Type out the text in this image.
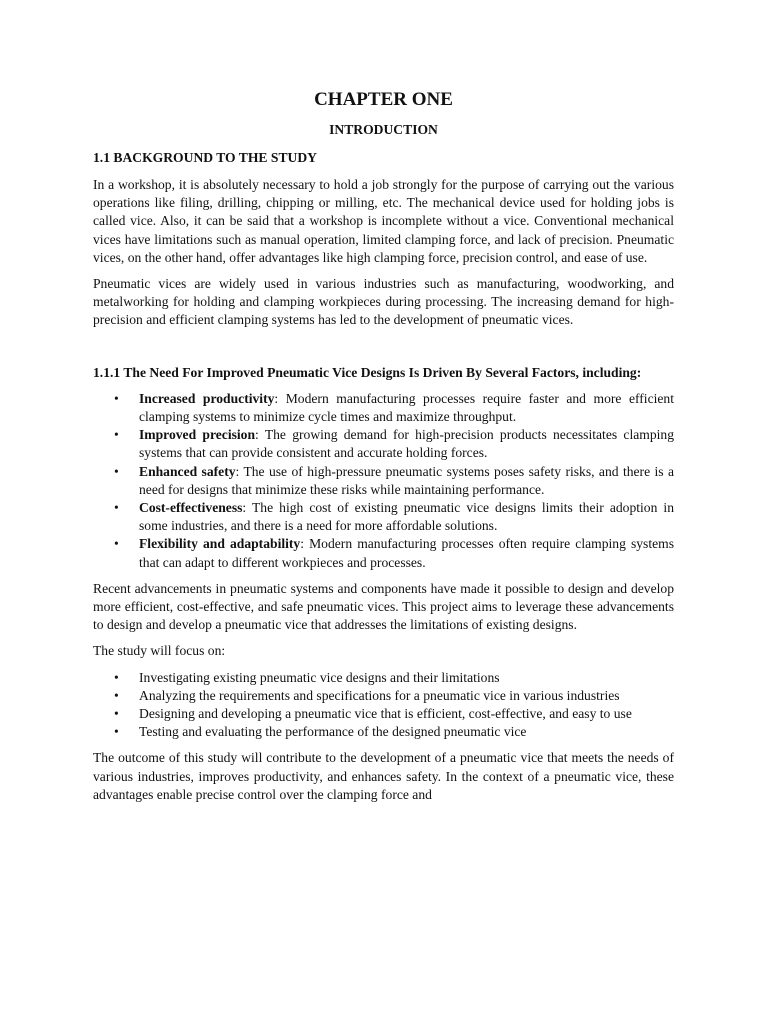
CHAPTER ONE
INTRODUCTION
1.1 BACKGROUND TO THE STUDY

In a workshop, it is absolutely necessary to hold a job strongly for the purpose of carrying out the various operations like filing, drilling, chipping or milling, etc. The mechanical device used for holding jobs is called vice. Also, it can be said that a workshop is incomplete without a vice. Conventional mechanical vices have limitations such as manual operation, limited clamping force, and lack of precision. Pneumatic vices, on the other hand, offer advantages like high clamping force, precision control, and ease of use.

Pneumatic vices are widely used in various industries such as manufacturing, woodworking, and metalworking for holding and clamping workpieces during processing. The increasing demand for high-precision and efficient clamping systems has led to the development of pneumatic vices.

1.1.1 The Need For Improved Pneumatic Vice Designs Is Driven By Several Factors, including:
• Increased productivity: Modern manufacturing processes require faster and more efficient clamping systems to minimize cycle times and maximize throughput.
• Improved precision: The growing demand for high-precision products necessitates clamping systems that can provide consistent and accurate holding forces.
• Enhanced safety: The use of high-pressure pneumatic systems poses safety risks, and there is a need for designs that minimize these risks while maintaining performance.
• Cost-effectiveness: The high cost of existing pneumatic vice designs limits their adoption in some industries, and there is a need for more affordable solutions.
• Flexibility and adaptability: Modern manufacturing processes often require clamping systems that can adapt to different workpieces and processes.

Recent advancements in pneumatic systems and components have made it possible to design and develop more efficient, cost-effective, and safe pneumatic vices. This project aims to leverage these advancements to design and develop a pneumatic vice that addresses the limitations of existing designs.

The study will focus on:

• Investigating existing pneumatic vice designs and their limitations
• Analyzing the requirements and specifications for a pneumatic vice in various industries
• Designing and developing a pneumatic vice that is efficient, cost-effective, and easy to use
• Testing and evaluating the performance of the designed pneumatic vice

The outcome of this study will contribute to the development of a pneumatic vice that meets the needs of various industries, improves productivity, and enhances safety. In the context of a pneumatic vice, these advantages enable precise control over the clamping force and
